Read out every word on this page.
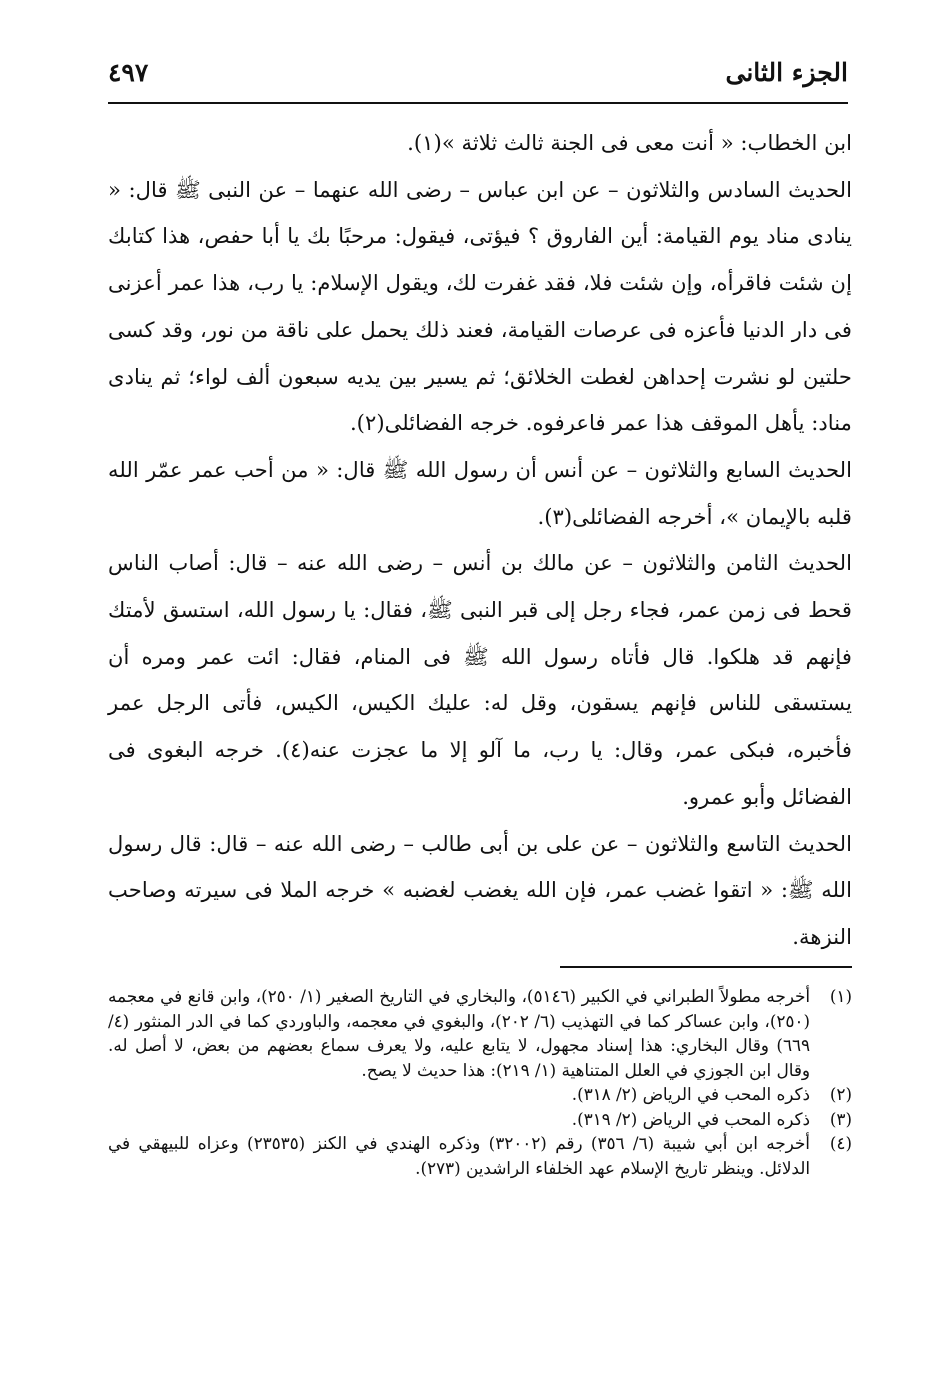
الجزء الثانى
٤٩٧

ابن الخطاب: « أنت معى فى الجنة ثالث ثلاثة »(١).

الحديث السادس والثلاثون – عن ابن عباس – رضى الله عنهما – عن النبى ﷺ قال: « ينادى مناد يوم القيامة: أين الفاروق ؟ فيؤتى، فيقول: مرحبًا بك يا أبا حفص، هذا كتابك إن شئت فاقرأه، وإن شئت فلا، فقد غفرت لك، ويقول الإسلام: يا رب، هذا عمر أعزنى فى دار الدنيا فأعزه فى عرصات القيامة، فعند ذلك يحمل على ناقة من نور، وقد كسى حلتين لو نشرت إحداهن لغطت الخلائق؛ ثم يسير بين يديه سبعون ألف لواء؛ ثم ينادى مناد: يأهل الموقف هذا عمر فاعرفوه. خرجه الفضائلى(٢).

الحديث السابع والثلاثون – عن أنس أن رسول الله ﷺ قال: « من أحب عمر عمّر الله قلبه بالإيمان »، أخرجه الفضائلى(٣).

الحديث الثامن والثلاثون – عن مالك بن أنس – رضى الله عنه – قال: أصاب الناس قحط فى زمن عمر، فجاء رجل إلى قبر النبى ﷺ، فقال: يا رسول الله، استسق لأمتك فإنهم قد هلكوا. قال فأتاه رسول الله ﷺ فى المنام، فقال: ائت عمر ومره أن يستسقى للناس فإنهم يسقون، وقل له: عليك الكيس، الكيس، فأتى الرجل عمر فأخبره، فبكى عمر، وقال: يا رب، ما آلو إلا ما عجزت عنه(٤). خرجه البغوى فى الفضائل وأبو عمرو.

الحديث التاسع والثلاثون – عن على بن أبى طالب – رضى الله عنه – قال: قال رسول الله ﷺ: « اتقوا غضب عمر، فإن الله يغضب لغضبه » خرجه الملا فى سيرته وصاحب النزهة.

(١)
أخرجه مطولاً الطبراني في الكبير (٥١٤٦)، والبخاري في التاريخ الصغير (١/ ٢٥٠)، وابن قانع في معجمه (٢٥٠)، وابن عساكر كما في التهذيب (٦/ ٢٠٢)، والبغوي في معجمه، والباوردي كما في الدر المنثور (٤/ ٦٦٩) وقال البخاري: هذا إسناد مجهول، لا يتابع عليه، ولا يعرف سماع بعضهم من بعض، لا أصل له. وقال ابن الجوزي في العلل المتناهية (١/ ٢١٩): هذا حديث لا يصح.
(٢)
ذكره المحب في الرياض (٢/ ٣١٨).
(٣)
ذكره المحب في الرياض (٢/ ٣١٩).
(٤)
أخرجه ابن أبي شيبة (٦/ ٣٥٦) رقم (٣٢٠٠٢) وذكره الهندي في الكنز (٢٣٥٣٥) وعزاه للبيهقي في الدلائل. وينظر تاريخ الإسلام عهد الخلفاء الراشدين (٢٧٣).
